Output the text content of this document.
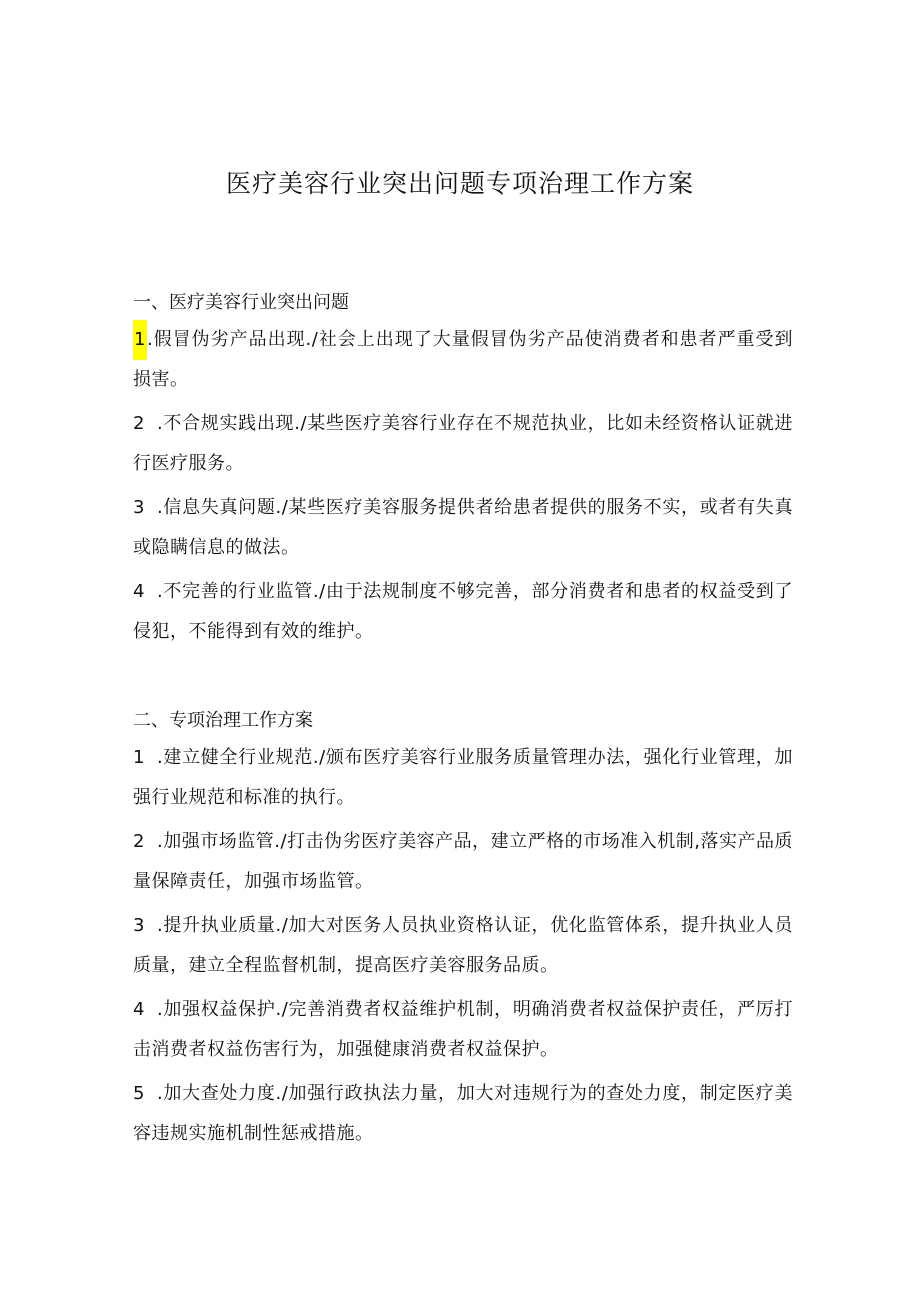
医疗美容行业突出问题专项治理工作方案
一、医疗美容行业突出问题
1.假冒伪劣产品出现./社会上出现了大量假冒伪劣产品使消费者和患者严重受到损害。
2 .不合规实践出现./某些医疗美容行业存在不规范执业，比如未经资格认证就进行医疗服务。
3 .信息失真问题./某些医疗美容服务提供者给患者提供的服务不实，或者有失真或隐瞒信息的做法。
4 .不完善的行业监管./由于法规制度不够完善，部分消费者和患者的权益受到了侵犯，不能得到有效的维护。
二、专项治理工作方案
1 .建立健全行业规范./颁布医疗美容行业服务质量管理办法，强化行业管理，加强行业规范和标准的执行。
2 .加强市场监管./打击伪劣医疗美容产品，建立严格的市场准入机制,落实产品质量保障责任，加强市场监管。
3 .提升执业质量./加大对医务人员执业资格认证，优化监管体系，提升执业人员质量，建立全程监督机制，提高医疗美容服务品质。
4 .加强权益保护./完善消费者权益维护机制，明确消费者权益保护责任，严厉打击消费者权益伤害行为，加强健康消费者权益保护。
5 .加大查处力度./加强行政执法力量，加大对违规行为的查处力度，制定医疗美容违规实施机制性惩戒措施。
